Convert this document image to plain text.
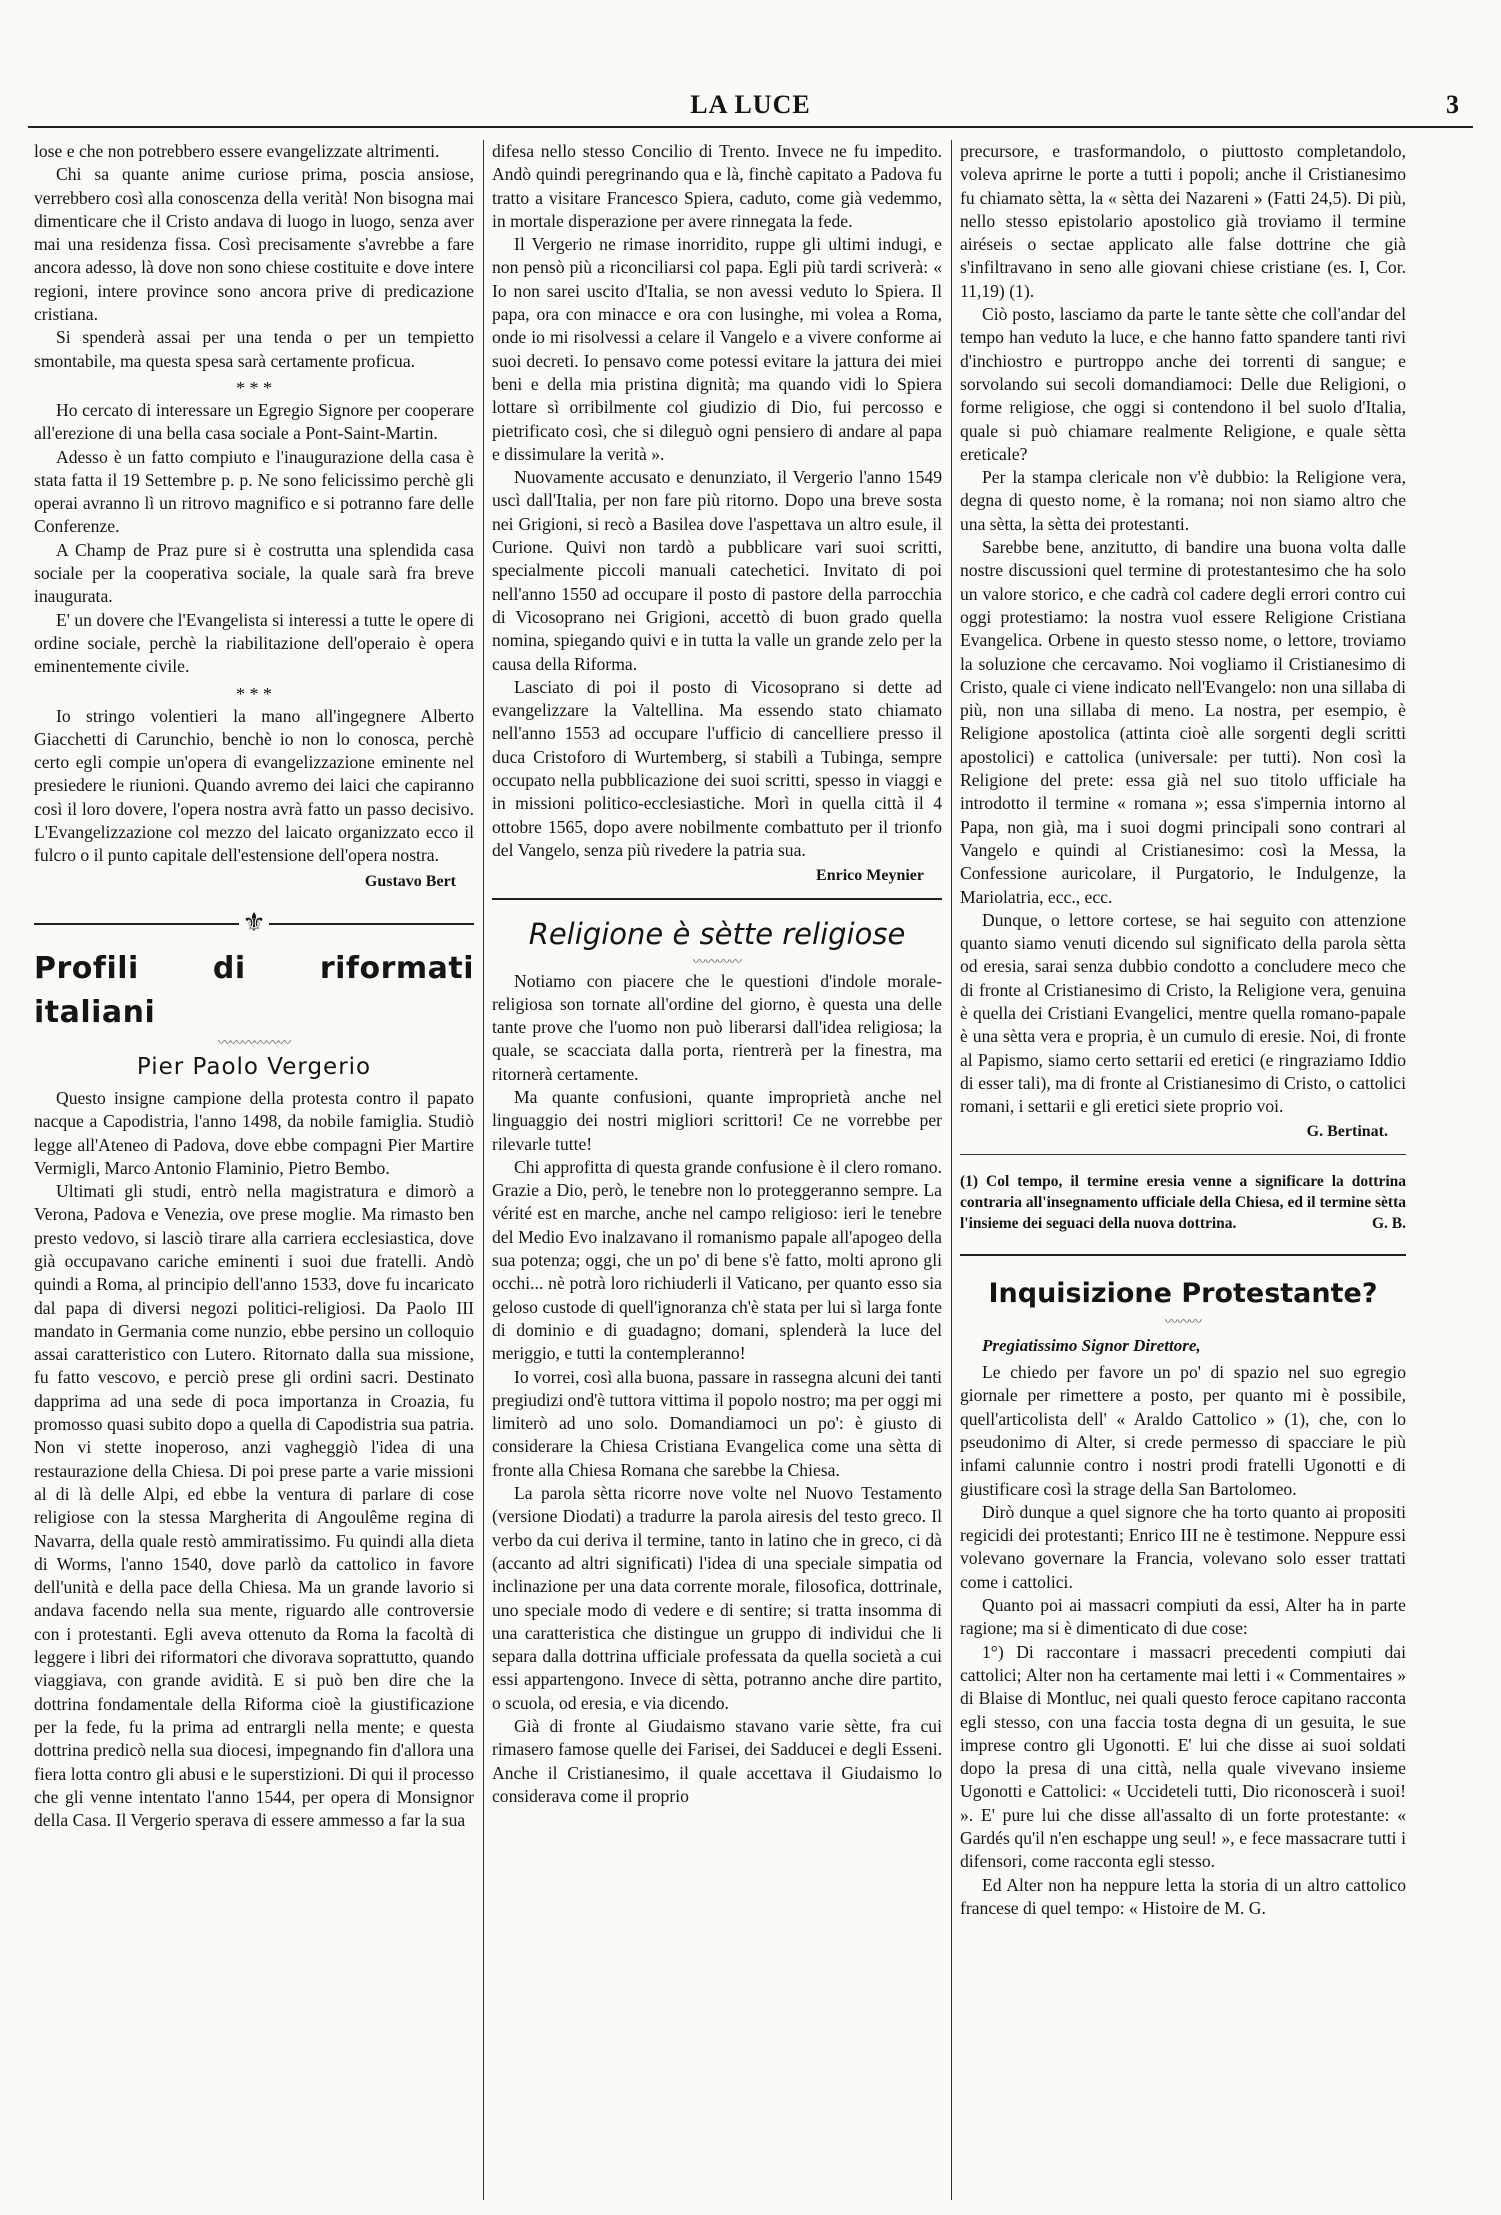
LA LUCE	3

lose e che non potrebbero essere evangelizzate altrimenti.

Chi sa quante anime curiose prima, poscia ansiose, verrebbero così alla conoscenza della verità! Non bisogna mai dimenticare che il Cristo andava di luogo in luogo, senza aver mai una residenza fissa. Così precisamente s'avrebbe a fare ancora adesso, là dove non sono chiese costituite e dove intere regioni, intere province sono ancora prive di predicazione cristiana.

Si spenderà assai per una tenda o per un tempietto smontabile, ma questa spesa sarà certamente proficua.

* * *

Ho cercato di interessare un Egregio Signore per cooperare all'erezione di una bella casa sociale a Pont-Saint-Martin.

Adesso è un fatto compiuto e l'inaugurazione della casa è stata fatta il 19 Settembre p. p. Ne sono felicissimo perchè gli operai avranno lì un ritrovo magnifico e si potranno fare delle Conferenze.

A Champ de Praz pure si è costrutta una splendida casa sociale per la cooperativa sociale, la quale sarà fra breve inaugurata.

E' un dovere che l'Evangelista si interessi a tutte le opere di ordine sociale, perchè la riabilitazione dell'operaio è opera eminentemente civile.

* * *

Io stringo volentieri la mano all'ingegnere Alberto Giacchetti di Carunchio, benchè io non lo conosca, perchè certo egli compie un'opera di evangelizzazione eminente nel presiedere le riunioni. Quando avremo dei laici che capiranno così il loro dovere, l'opera nostra avrà fatto un passo decisivo. L'Evangelizzazione col mezzo del laicato organizzato ecco il fulcro o il punto capitale dell'estensione dell'opera nostra.

Gustavo Bert
⚜
Profili di riformati italiani
〰〰〰〰〰〰
Pier Paolo Vergerio

Questo insigne campione della protesta contro il papato nacque a Capodistria, l'anno 1498, da nobile famiglia. Studiò legge all'Ateneo di Padova, dove ebbe compagni Pier Martire Vermigli, Marco Antonio Flaminio, Pietro Bembo.

Ultimati gli studi, entrò nella magistratura e dimorò a Verona, Padova e Venezia, ove prese moglie. Ma rimasto ben presto vedovo, si lasciò tirare alla carriera ecclesiastica, dove già occupavano cariche eminenti i suoi due fratelli. Andò quindi a Roma, al principio dell'anno 1533, dove fu incaricato dal papa di diversi negozi politici-religiosi. Da Paolo III mandato in Germania come nunzio, ebbe persino un colloquio assai caratteristico con Lutero. Ritornato dalla sua missione, fu fatto vescovo, e perciò prese gli ordini sacri. Destinato dapprima ad una sede di poca importanza in Croazia, fu promosso quasi subito dopo a quella di Capodistria sua patria. Non vi stette inoperoso, anzi vagheggiò l'idea di una restaurazione della Chiesa. Di poi prese parte a varie missioni al di là delle Alpi, ed ebbe la ventura di parlare di cose religiose con la stessa Margherita di Angoulême regina di Navarra, della quale restò ammiratissimo. Fu quindi alla dieta di Worms, l'anno 1540, dove parlò da cattolico in favore dell'unità e della pace della Chiesa. Ma un grande lavorio si andava facendo nella sua mente, riguardo alle controversie con i protestanti. Egli aveva ottenuto da Roma la facoltà di leggere i libri dei riformatori che divorava soprattutto, quando viaggiava, con grande avidità. E si può ben dire che la dottrina fondamentale della Riforma cioè la giustificazione per la fede, fu la prima ad entrargli nella mente; e questa dottrina predicò nella sua diocesi, impegnando fin d'allora una fiera lotta contro gli abusi e le superstizioni. Di qui il processo che gli venne intentato l'anno 1544, per opera di Monsignor della Casa. Il Vergerio sperava di essere ammesso a far la sua

difesa nello stesso Concilio di Trento. Invece ne fu impedito. Andò quindi peregrinando qua e là, finchè capitato a Padova fu tratto a visitare Francesco Spiera, caduto, come già vedemmo, in mortale disperazione per avere rinnegata la fede.

Il Vergerio ne rimase inorridito, ruppe gli ultimi indugi, e non pensò più a riconciliarsi col papa. Egli più tardi scriverà: « Io non sarei uscito d'Italia, se non avessi veduto lo Spiera. Il papa, ora con minacce e ora con lusinghe, mi volea a Roma, onde io mi risolvessi a celare il Vangelo e a vivere conforme ai suoi decreti. Io pensavo come potessi evitare la jattura dei miei beni e della mia pristina dignità; ma quando vidi lo Spiera lottare sì orribilmente col giudizio di Dio, fui percosso e pietrificato così, che si dileguò ogni pensiero di andare al papa e dissimulare la verità ».

Nuovamente accusato e denunziato, il Vergerio l'anno 1549 uscì dall'Italia, per non fare più ritorno. Dopo una breve sosta nei Grigioni, si recò a Basilea dove l'aspettava un altro esule, il Curione. Quivi non tardò a pubblicare vari suoi scritti, specialmente piccoli manuali catechetici. Invitato di poi nell'anno 1550 ad occupare il posto di pastore della parrocchia di Vicosoprano nei Grigioni, accettò di buon grado quella nomina, spiegando quivi e in tutta la valle un grande zelo per la causa della Riforma.

Lasciato di poi il posto di Vicosoprano si dette ad evangelizzare la Valtellina. Ma essendo stato chiamato nell'anno 1553 ad occupare l'ufficio di cancelliere presso il duca Cristoforo di Wurtemberg, si stabilì a Tubinga, sempre occupato nella pubblicazione dei suoi scritti, spesso in viaggi e in missioni politico-ecclesiastiche. Morì in quella città il 4 ottobre 1565, dopo avere nobilmente combattuto per il trionfo del Vangelo, senza più rivedere la patria sua.

Enrico Meynier
Religione è sètte religiose
〰〰〰〰

Notiamo con piacere che le questioni d'indole morale-religiosa son tornate all'ordine del giorno, è questa una delle tante prove che l'uomo non può liberarsi dall'idea religiosa; la quale, se scacciata dalla porta, rientrerà per la finestra, ma ritornerà certamente.

Ma quante confusioni, quante improprietà anche nel linguaggio dei nostri migliori scrittori! Ce ne vorrebbe per rilevarle tutte!

Chi approfitta di questa grande confusione è il clero romano. Grazie a Dio, però, le tenebre non lo proteggeranno sempre. La vérité est en marche, anche nel campo religioso: ieri le tenebre del Medio Evo inalzavano il romanismo papale all'apogeo della sua potenza; oggi, che un po' di bene s'è fatto, molti aprono gli occhi... nè potrà loro richiuderli il Vaticano, per quanto esso sia geloso custode di quell'ignoranza ch'è stata per lui sì larga fonte di dominio e di guadagno; domani, splenderà la luce del meriggio, e tutti la contempleranno!

Io vorrei, così alla buona, passare in rassegna alcuni dei tanti pregiudizi ond'è tuttora vittima il popolo nostro; ma per oggi mi limiterò ad uno solo. Domandiamoci un po': è giusto di considerare la Chiesa Cristiana Evangelica come una sètta di fronte alla Chiesa Romana che sarebbe la Chiesa.

La parola sètta ricorre nove volte nel Nuovo Testamento (versione Diodati) a tradurre la parola airesis del testo greco. Il verbo da cui deriva il termine, tanto in latino che in greco, ci dà (accanto ad altri significati) l'idea di una speciale simpatia od inclinazione per una data corrente morale, filosofica, dottrinale, uno speciale modo di vedere e di sentire; si tratta insomma di una caratteristica che distingue un gruppo di individui che li separa dalla dottrina ufficiale professata da quella società a cui essi appartengono. Invece di sètta, potranno anche dire partito, o scuola, od eresia, e via dicendo.

Già di fronte al Giudaismo stavano varie sètte, fra cui rimasero famose quelle dei Farisei, dei Sadducei e degli Esseni. Anche il Cristianesimo, il quale accettava il Giudaismo lo considerava come il proprio

precursore, e trasformandolo, o piuttosto completandolo, voleva aprirne le porte a tutti i popoli; anche il Cristianesimo fu chiamato sètta, la « sètta dei Nazareni » (Fatti 24,5). Di più, nello stesso epistolario apostolico già troviamo il termine airéseis o sectae applicato alle false dottrine che già s'infiltravano in seno alle giovani chiese cristiane (es. I, Cor. 11,19) (1).

Ciò posto, lasciamo da parte le tante sètte che coll'andar del tempo han veduto la luce, e che hanno fatto spandere tanti rivi d'inchiostro e purtroppo anche dei torrenti di sangue; e sorvolando sui secoli domandiamoci: Delle due Religioni, o forme religiose, che oggi si contendono il bel suolo d'Italia, quale si può chiamare realmente Religione, e quale sètta ereticale?

Per la stampa clericale non v'è dubbio: la Religione vera, degna di questo nome, è la romana; noi non siamo altro che una sètta, la sètta dei protestanti.

Sarebbe bene, anzitutto, di bandire una buona volta dalle nostre discussioni quel termine di protestantesimo che ha solo un valore storico, e che cadrà col cadere degli errori contro cui oggi protestiamo: la nostra vuol essere Religione Cristiana Evangelica. Orbene in questo stesso nome, o lettore, troviamo la soluzione che cercavamo. Noi vogliamo il Cristianesimo di Cristo, quale ci viene indicato nell'Evangelo: non una sillaba di più, non una sillaba di meno. La nostra, per esempio, è Religione apostolica (attinta cioè alle sorgenti degli scritti apostolici) e cattolica (universale: per tutti). Non così la Religione del prete: essa già nel suo titolo ufficiale ha introdotto il termine « romana »; essa s'impernia intorno al Papa, non già, ma i suoi dogmi principali sono contrari al Vangelo e quindi al Cristianesimo: così la Messa, la Confessione auricolare, il Purgatorio, le Indulgenze, la Mariolatria, ecc., ecc.

Dunque, o lettore cortese, se hai seguito con attenzione quanto siamo venuti dicendo sul significato della parola sètta od eresia, sarai senza dubbio condotto a concludere meco che di fronte al Cristianesimo di Cristo, la Religione vera, genuina è quella dei Cristiani Evangelici, mentre quella romano-papale è una sètta vera e propria, è un cumulo di eresie. Noi, di fronte al Papismo, siamo certo settarii ed eretici (e ringraziamo Iddio di esser tali), ma di fronte al Cristianesimo di Cristo, o cattolici romani, i settarii e gli eretici siete proprio voi.

G. Bertinat.
(1) Col tempo, il termine eresia venne a significare la dottrina contraria all'insegnamento ufficiale della Chiesa, ed il termine sètta l'insieme dei seguaci della nuova dottrina.	G. B.
Inquisizione Protestante?
〰〰〰
Pregiatissimo Signor Direttore,

Le chiedo per favore un po' di spazio nel suo egregio giornale per rimettere a posto, per quanto mi è possibile, quell'articolista dell' « Araldo Cattolico » (1), che, con lo pseudonimo di Alter, si crede permesso di spacciare le più infami calunnie contro i nostri prodi fratelli Ugonotti e di giustificare così la strage della San Bartolomeo.

Dirò dunque a quel signore che ha torto quanto ai propositi regicidi dei protestanti; Enrico III ne è testimone. Neppure essi volevano governare la Francia, volevano solo esser trattati come i cattolici.

Quanto poi ai massacri compiuti da essi, Alter ha in parte ragione; ma si è dimenticato di due cose:

1°) Di raccontare i massacri precedenti compiuti dai cattolici; Alter non ha certamente mai letti i « Commentaires » di Blaise di Montluc, nei quali questo feroce capitano racconta egli stesso, con una faccia tosta degna di un gesuita, le sue imprese contro gli Ugonotti. E' lui che disse ai suoi soldati dopo la presa di una città, nella quale vivevano insieme Ugonotti e Cattolici: « Uccideteli tutti, Dio riconoscerà i suoi! ». E' pure lui che disse all'assalto di un forte protestante: « Gardés qu'il n'en eschappe ung seul! », e fece massacrare tutti i difensori, come racconta egli stesso.

Ed Alter non ha neppure letta la storia di un altro cattolico francese di quel tempo: « Histoire de M. G.
